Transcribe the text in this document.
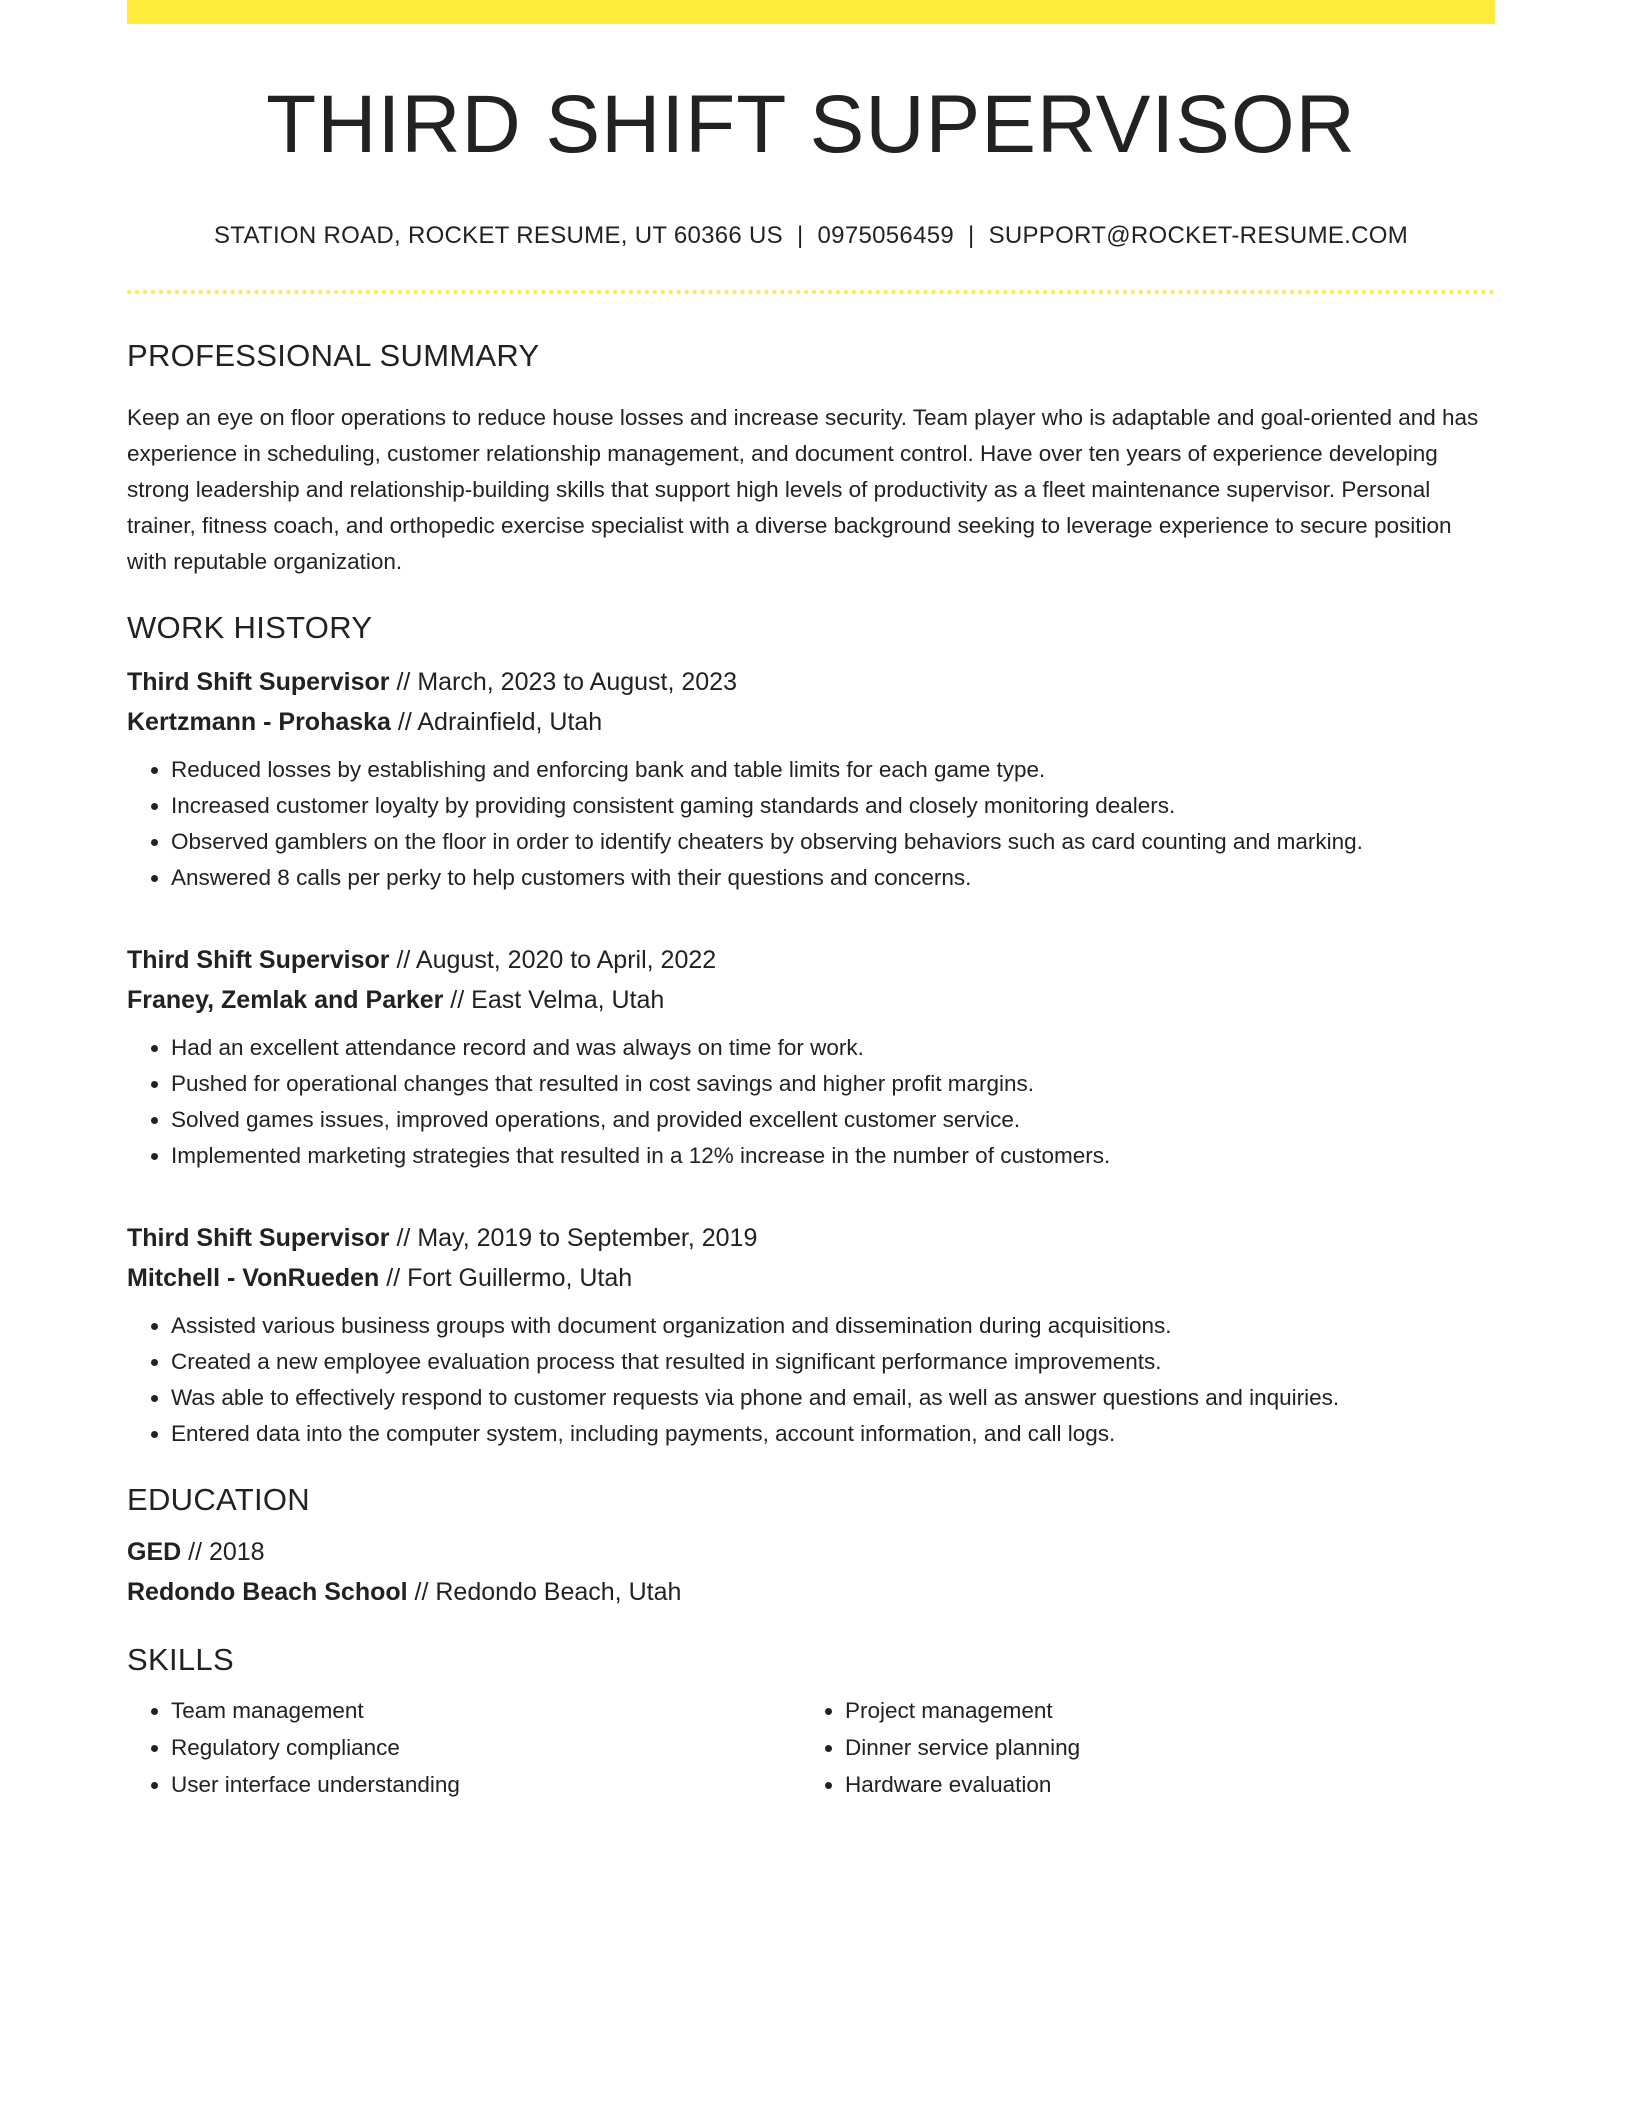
THIRD SHIFT SUPERVISOR
STATION ROAD, ROCKET RESUME, UT 60366 US | 0975056459 | SUPPORT@ROCKET-RESUME.COM
PROFESSIONAL SUMMARY
Keep an eye on floor operations to reduce house losses and increase security. Team player who is adaptable and goal-oriented and has experience in scheduling, customer relationship management, and document control. Have over ten years of experience developing strong leadership and relationship-building skills that support high levels of productivity as a fleet maintenance supervisor. Personal trainer, fitness coach, and orthopedic exercise specialist with a diverse background seeking to leverage experience to secure position with reputable organization.
WORK HISTORY
Third Shift Supervisor // March, 2023 to August, 2023
Kertzmann - Prohaska // Adrainfield, Utah
• Reduced losses by establishing and enforcing bank and table limits for each game type.
• Increased customer loyalty by providing consistent gaming standards and closely monitoring dealers.
• Observed gamblers on the floor in order to identify cheaters by observing behaviors such as card counting and marking.
• Answered 8 calls per perky to help customers with their questions and concerns.
Third Shift Supervisor // August, 2020 to April, 2022
Franey, Zemlak and Parker // East Velma, Utah
• Had an excellent attendance record and was always on time for work.
• Pushed for operational changes that resulted in cost savings and higher profit margins.
• Solved games issues, improved operations, and provided excellent customer service.
• Implemented marketing strategies that resulted in a 12% increase in the number of customers.
Third Shift Supervisor // May, 2019 to September, 2019
Mitchell - VonRueden // Fort Guillermo, Utah
• Assisted various business groups with document organization and dissemination during acquisitions.
• Created a new employee evaluation process that resulted in significant performance improvements.
• Was able to effectively respond to customer requests via phone and email, as well as answer questions and inquiries.
• Entered data into the computer system, including payments, account information, and call logs.
EDUCATION
GED // 2018
Redondo Beach School // Redondo Beach, Utah
SKILLS
• Team management
• Regulatory compliance
• User interface understanding
• Project management
• Dinner service planning
• Hardware evaluation
